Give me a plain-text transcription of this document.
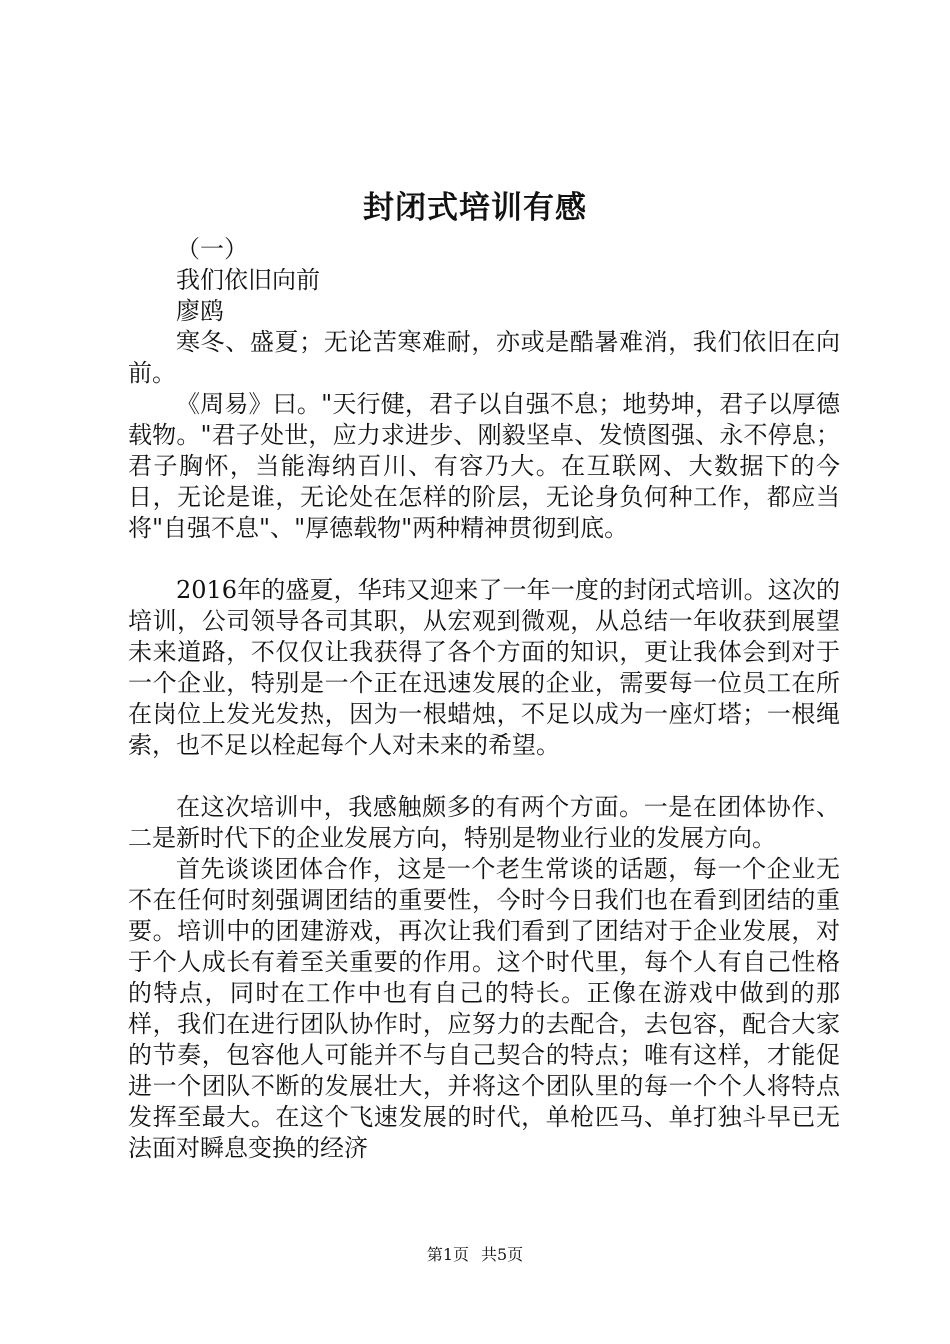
封闭式培训有感

（一）

我们依旧向前

廖鸥

寒冬、盛夏；无论苦寒难耐，亦或是酷暑难消，我们依旧在向前。

《周易》曰。"天行健，君子以自强不息；地势坤，君子以厚德载物。"君子处世，应力求进步、刚毅坚卓、发愤图强、永不停息；君子胸怀，当能海纳百川、有容乃大。在互联网、大数据下的今日，无论是谁，无论处在怎样的阶层，无论身负何种工作，都应当将"自强不息"、"厚德载物"两种精神贯彻到底。

2016年的盛夏，华玮又迎来了一年一度的封闭式培训。这次的培训，公司领导各司其职，从宏观到微观，从总结一年收获到展望未来道路，不仅仅让我获得了各个方面的知识，更让我体会到对于一个企业，特别是一个正在迅速发展的企业，需要每一位员工在所在岗位上发光发热，因为一根蜡烛，不足以成为一座灯塔；一根绳索，也不足以栓起每个人对未来的希望。

在这次培训中，我感触颇多的有两个方面。一是在团体协作、二是新时代下的企业发展方向，特别是物业行业的发展方向。

首先谈谈团体合作，这是一个老生常谈的话题，每一个企业无不在任何时刻强调团结的重要性，今时今日我们也在看到团结的重要。培训中的团建游戏，再次让我们看到了团结对于企业发展，对于个人成长有着至关重要的作用。这个时代里，每个人有自己性格的特点，同时在工作中也有自己的特长。正像在游戏中做到的那样，我们在进行团队协作时，应努力的去配合，去包容，配合大家的节奏，包容他人可能并不与自己契合的特点；唯有这样，才能促进一个团队不断的发展壮大，并将这个团队里的每一个个人将特点发挥至最大。在这个飞速发展的时代，单枪匹马、单打独斗早已无法面对瞬息变换的经济

第1页 共5页
